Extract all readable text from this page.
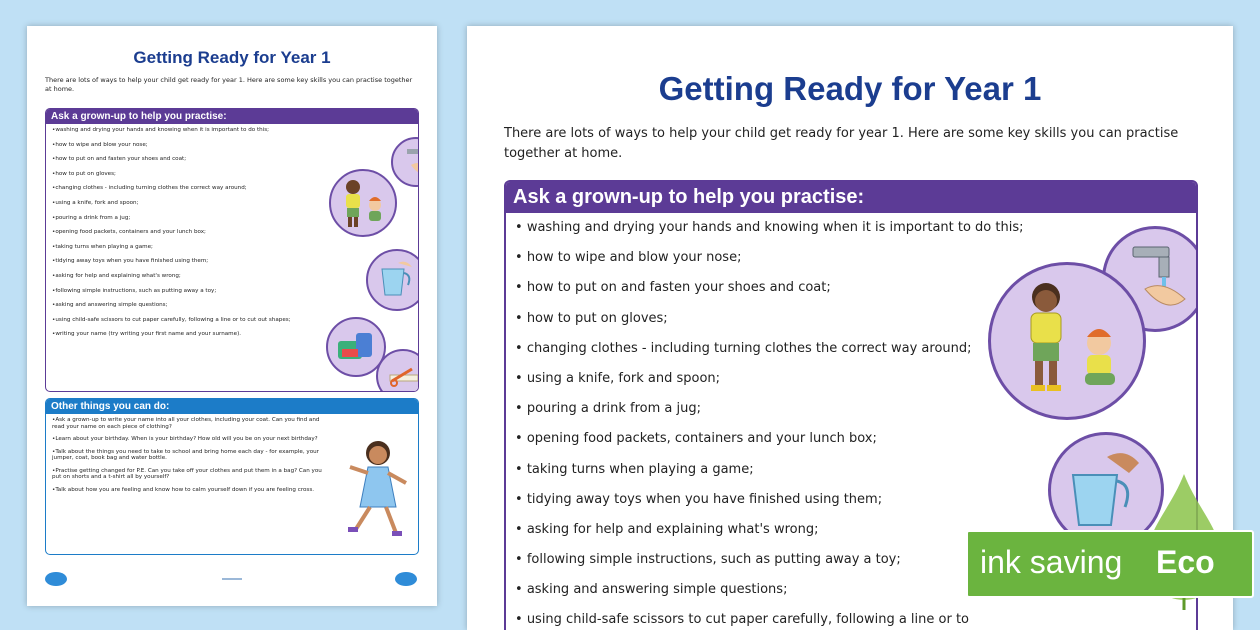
Getting Ready for Year 1
There are lots of ways to help your child get ready for year 1. Here are some key skills you can practise together at home.
Ask a grown-up to help you practise:
• washing and drying your hands and knowing when it is important to do this;
• how to wipe and blow your nose;
• how to put on and fasten your shoes and coat;
• how to put on gloves;
• changing clothes - including turning clothes the correct way around;
• using a knife, fork and spoon;
• pouring a drink from a jug;
• opening food packets, containers and your lunch box;
• taking turns when playing a game;
• tidying away toys when you have finished using them;
• asking for help and explaining what's wrong;
• following simple instructions, such as putting away a toy;
• asking and answering simple questions;
• using child-safe scissors to cut paper carefully, following a line or to cut out shapes;
• writing your name (try writing your first name and your surname).
Other things you can do:
• Ask a grown-up to write your name into all your clothes, including your coat. Can you find and read your name on each piece of clothing?
• Learn about your birthday. When is your birthday? How old will you be on your next birthday?
• Talk about the things you need to take to school and bring home each day - for example, your jumper, coat, book bag and water bottle.
• Practise getting changed for P.E. Can you take off your clothes and put them in a bag? Can you put on shorts and a t-shirt all by yourself?
• Talk about how you are feeling and know how to calm yourself down if you are feeling cross.
Getting Ready for Year 1
There are lots of ways to help your child get ready for year 1. Here are some key skills you can practise together at home.
Ask a grown-up to help you practise:
• washing and drying your hands and knowing when it is important to do this;
• how to wipe and blow your nose;
• how to put on and fasten your shoes and coat;
• how to put on gloves;
• changing clothes - including turning clothes the correct way around;
• using a knife, fork and spoon;
• pouring a drink from a jug;
• opening food packets, containers and your lunch box;
• taking turns when playing a game;
• tidying away toys when you have finished using them;
• asking for help and explaining what's wrong;
• following simple instructions, such as putting away a toy;
• asking and answering simple questions;
• using child-safe scissors to cut paper carefully, following a line or to
ink saving Eco
